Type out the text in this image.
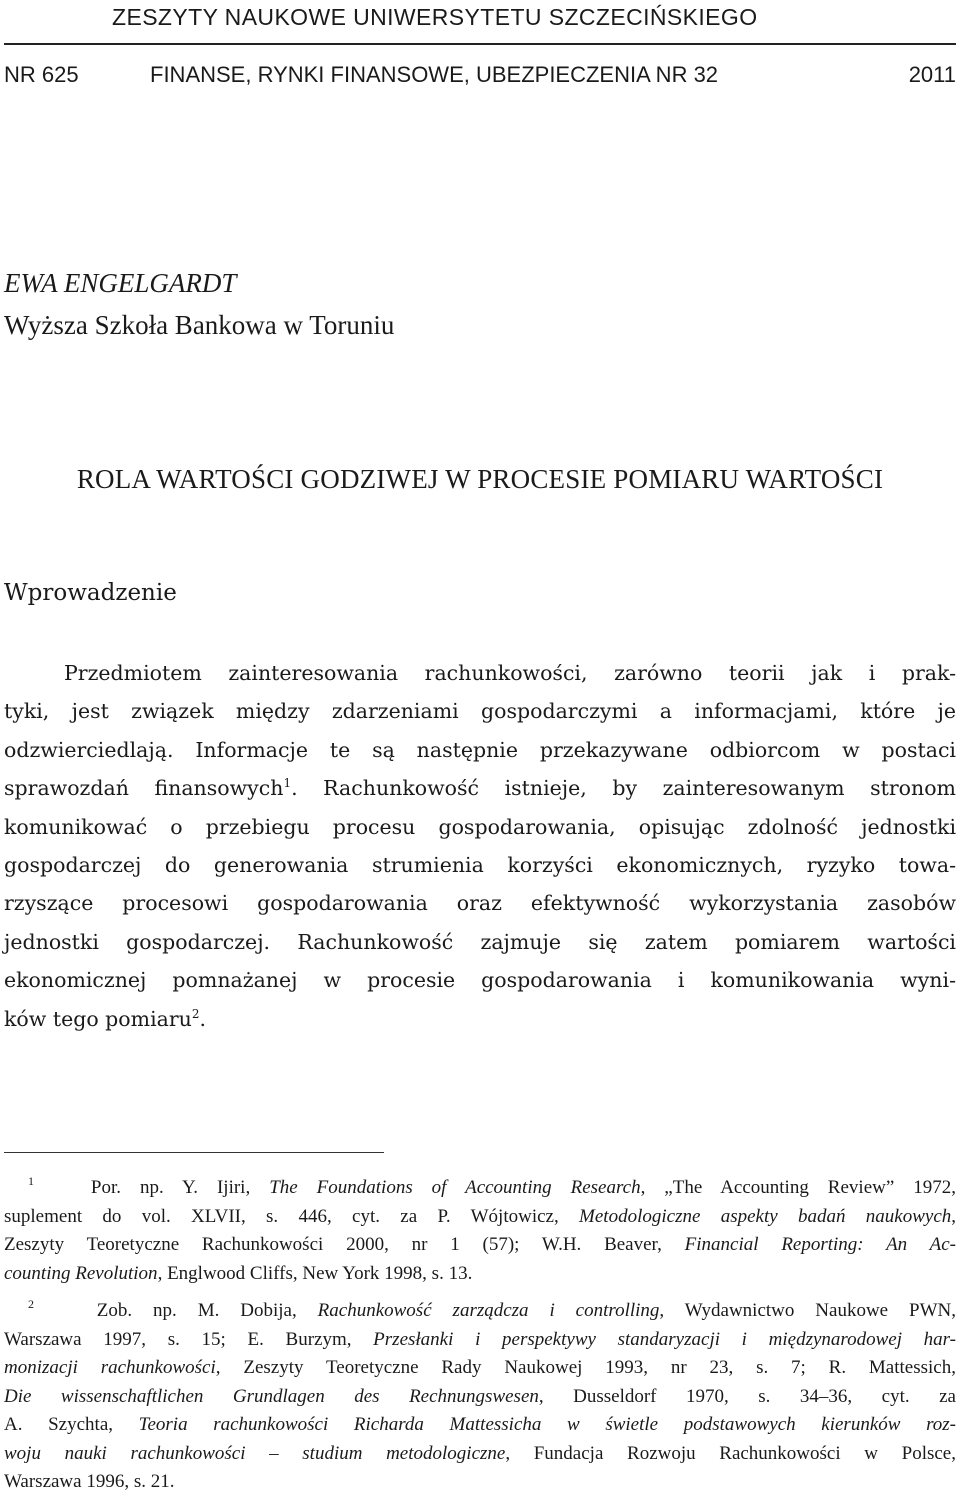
ZESZYTY NAUKOWE UNIWERSYTETU SZCZECIŃSKIEGO
NR 625	FINANSE, RYNKI FINANSOWE, UBEZPIECZENIA NR 32	2011
EWA ENGELGARDT
Wyższa Szkoła Bankowa w Toruniu
ROLA WARTOŚCI GODZIWEJ W PROCESIE POMIARU WARTOŚCI
Wprowadzenie
Przedmiotem zainteresowania rachunkowości, zarówno teorii jak i prak-
tyki, jest związek między zdarzeniami gospodarczymi a informacjami, które je
odzwierciedlają. Informacje te są następnie przekazywane odbiorcom w postaci
sprawozdań finansowych$^1$. Rachunkowość istnieje, by zainteresowanym stronom
komunikować o przebiegu procesu gospodarowania, opisując zdolność jednostki
gospodarczej do generowania strumienia korzyści ekonomicznych, ryzyko towa-
rzyszące procesowi gospodarowania oraz efektywność wykorzystania zasobów
jednostki gospodarczej. Rachunkowość zajmuje się zatem pomiarem wartości
ekonomicznej pomnażanej w procesie gospodarowania i komunikowania wyni-
ków tego pomiaru$^2$.
$^1$	Por. np. Y. Ijiri, The Foundations of Accounting Research, „The Accounting Review” 1972,
suplement do vol. XLVII, s. 446, cyt. za P. Wójtowicz, Metodologiczne aspekty badań naukowych,
Zeszyty Teoretyczne Rachunkowości 2000, nr 1 (57); W.H. Beaver, Financial Reporting: An Ac-
counting Revolution, Englwood Cliffs, New York 1998, s. 13.
$^2$	Zob. np. M. Dobija, Rachunkowość zarządcza i controlling, Wydawnictwo Naukowe PWN,
Warszawa 1997, s. 15; E. Burzym, Przesłanki i perspektywy standaryzacji i międzynarodowej har-
monizacji rachunkowości, Zeszyty Teoretyczne Rady Naukowej 1993, nr 23, s. 7; R. Mattessich,
Die wissenschaftlichen Grundlagen des Rechnungswesen, Dusseldorf 1970, s. 34–36, cyt. za
A. Szychta, Teoria rachunkowości Richarda Mattessicha w świetle podstawowych kierunków roz-
woju nauki rachunkowości – studium metodologiczne, Fundacja Rozwoju Rachunkowości w Polsce,
Warszawa 1996, s. 21.
